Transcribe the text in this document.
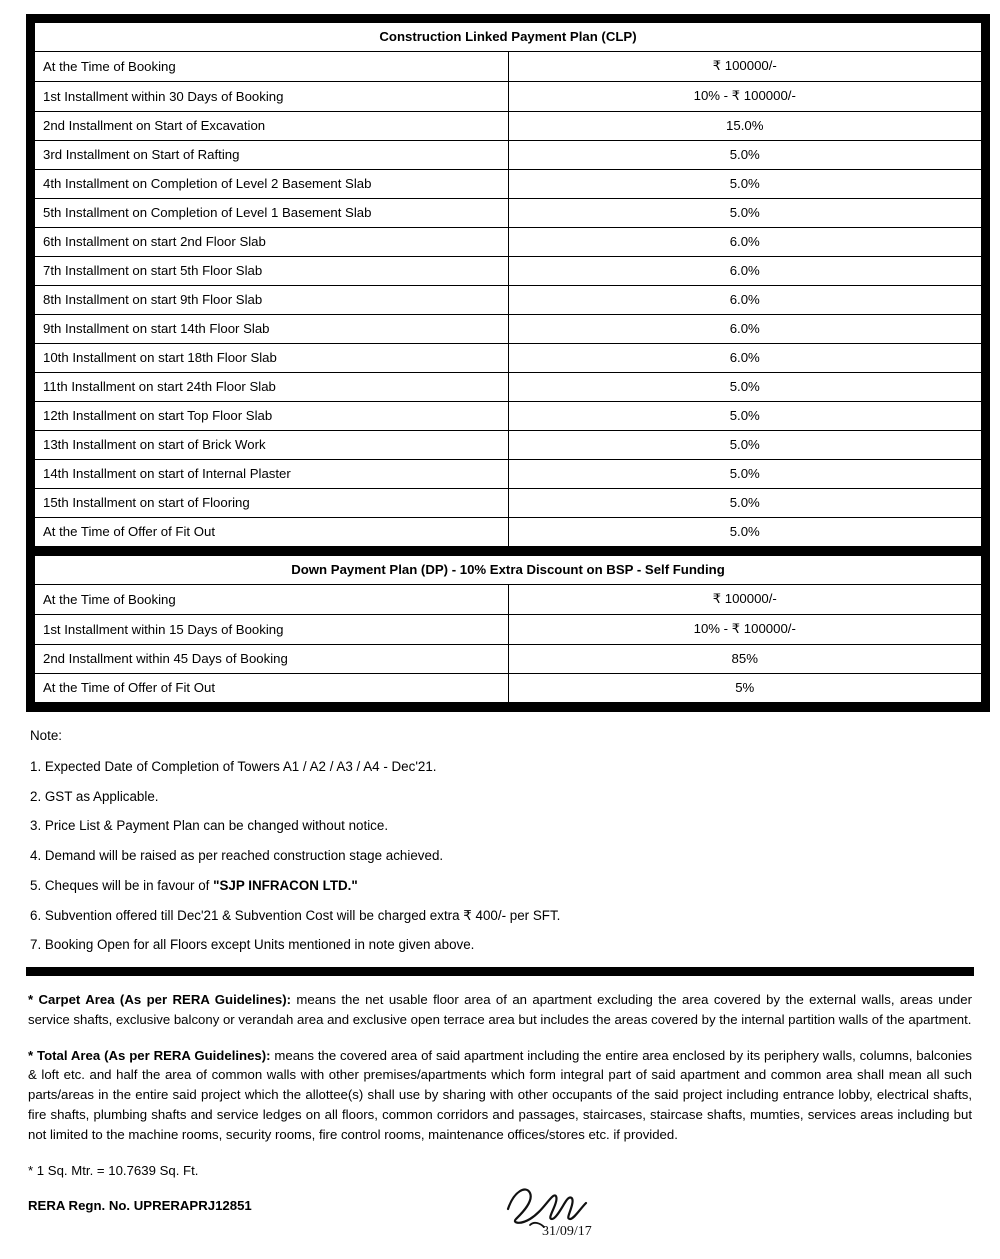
Construction Linked Payment Plan (CLP)	
At the Time of Booking	₹ 100000/-
1st Installment within 30 Days of Booking	10% - ₹ 100000/-
2nd Installment on Start of Excavation	15.0%
3rd Installment on Start of Rafting	5.0%
4th Installment on Completion of Level 2 Basement Slab	5.0%
5th Installment on Completion of Level 1 Basement Slab	5.0%
6th Installment on start 2nd Floor Slab	6.0%
7th Installment on start 5th Floor Slab	6.0%
8th Installment on start 9th Floor Slab	6.0%
9th Installment on start 14th Floor Slab	6.0%
10th Installment on start 18th Floor Slab	6.0%
11th Installment on start 24th Floor Slab	5.0%
12th Installment on start Top Floor Slab	5.0%
13th Installment on start of Brick Work	5.0%
14th Installment on start of Internal Plaster	5.0%
15th Installment on start of Flooring	5.0%
At the Time of Offer of Fit Out	5.0%
Down Payment Plan (DP) - 10% Extra Discount on BSP - Self Funding	
At the Time of Booking	₹ 100000/-
1st Installment within 15 Days of Booking	10% - ₹ 100000/-
2nd Installment within 45 Days of Booking	85%
At the Time of Offer of Fit Out	5%
Note:
1. Expected Date of Completion of Towers A1 / A2 / A3 / A4 - Dec'21.
2. GST as Applicable.
3. Price List & Payment Plan can be changed without notice.
4. Demand will be raised as per reached construction stage achieved.
5. Cheques will be in favour of "SJP INFRACON LTD."
6. Subvention offered till Dec'21 & Subvention Cost will be charged extra ₹ 400/- per SFT.
7. Booking Open for all Floors except Units mentioned in note given above.

* Carpet Area (As per RERA Guidelines): means the net usable floor area of an apartment excluding the area covered by the external walls, areas under service shafts, exclusive balcony or verandah area and exclusive open terrace area but includes the areas covered by the internal partition walls of the apartment.

* Total Area (As per RERA Guidelines): means the covered area of said apartment including the entire area enclosed by its periphery walls, columns, balconies & loft etc. and half the area of common walls with other premises/apartments which form integral part of said apartment and common area shall mean all such parts/areas in the entire said project which the allottee(s) shall use by sharing with other occupants of the said project including entrance lobby, electrical shafts, fire shafts, plumbing shafts and service ledges on all floors, common corridors and passages, staircases, staircase shafts, mumties, services areas including but not limited to the machine rooms, security rooms, fire control rooms, maintenance offices/stores etc. if provided.

* 1 Sq. Mtr. = 10.7639 Sq. Ft.

RERA Regn. No. UPRERAPRJ12851

31/09/17
